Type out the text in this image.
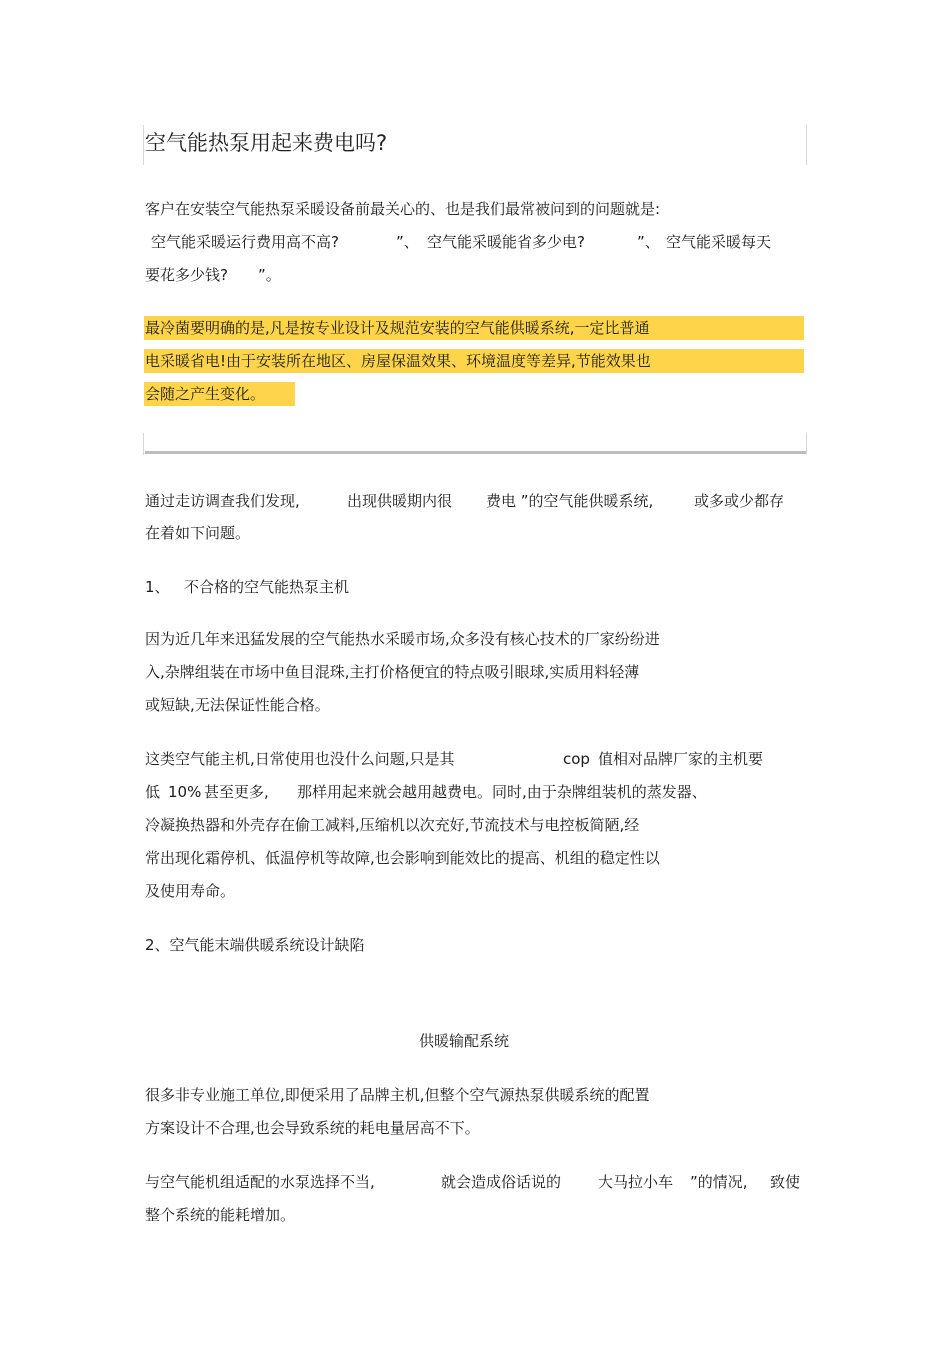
空气能热泵用起来费电吗?
客户在安装空气能热泵采暖设备前最关心的、也是我们最常被问到的问题就是:
空气能采暖运行费用高不高?	”、 空气能采暖能省多少电?	”、 空气能采暖每天
要花多少钱? ”。
最冷菌要明确的是,凡是按专业设计及规范安装的空气能供暖系统,一定比普通
电采暖省电!由于安装所在地区、房屋保温效果、环境温度等差异,节能效果也
会随之产生变化。
通过走访调查我们发现,	出现供暖期内很 费电 ”的空气能供暖系统,	或多或少都存
在着如下问题。
1、 不合格的空气能热泵主机
因为近几年来迅猛发展的空气能热水采暖市场,众多没有核心技术的厂家纷纷进
入,杂牌组装在市场中鱼目混珠,主打价格便宜的特点吸引眼球,实质用料轻薄
或短缺,无法保证性能合格。
这类空气能主机,日常使用也没什么问题,只是其	cop 值相对品牌厂家的主机要
低 10% 甚至更多, 那样用起来就会越用越费电。同时,由于杂牌组装机的蒸发器、
冷凝换热器和外壳存在偷工减料,压缩机以次充好,节流技术与电控板简陋,经
常出现化霜停机、低温停机等故障,也会影响到能效比的提高、机组的稳定性以
及使用寿命。
2、空气能末端供暖系统设计缺陷
供暖输配系统
很多非专业施工单位,即便采用了品牌主机,但整个空气源热泵供暖系统的配置
方案设计不合理,也会导致系统的耗电量居高不下。
与空气能机组适配的水泵选择不当,	就会造成俗话说的 大马拉小车 ”的情况, 致使
整个系统的能耗增加。
